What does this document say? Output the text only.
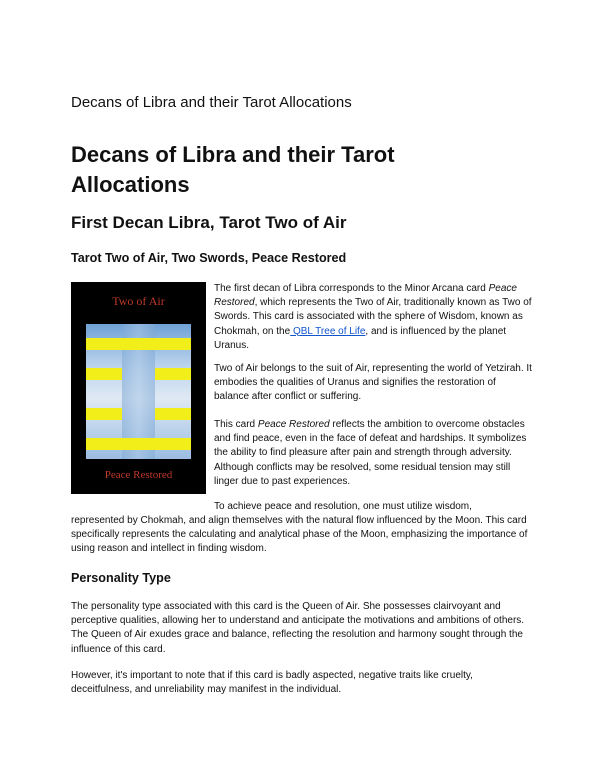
Decans of Libra and their Tarot Allocations
Decans of Libra and their Tarot Allocations
First Decan Libra, Tarot Two of Air
Tarot Two of Air, Two Swords, Peace Restored
Two of Air
Peace Restored

The first decan of Libra corresponds to the Minor Arcana card Peace Restored, which represents the Two of Air, traditionally known as Two of Swords. This card is associated with the sphere of Wisdom, known as Chokmah, on the QBL Tree of Life, and is influenced by the planet Uranus.

Two of Air belongs to the suit of Air, representing the world of Yetzirah. It embodies the qualities of Uranus and signifies the restoration of balance after conflict or suffering.

This card Peace Restored reflects the ambition to overcome obstacles and find peace, even in the face of defeat and hardships. It symbolizes the ability to find pleasure after pain and strength through adversity. Although conflicts may be resolved, some residual tension may still linger due to past experiences.

To achieve peace and resolution, one must utilize wisdom,

represented by Chokmah, and align themselves with the natural flow influenced by the Moon. This card specifically represents the calculating and analytical phase of the Moon, emphasizing the importance of using reason and intellect in finding wisdom.

Personality Type

The personality type associated with this card is the Queen of Air. She possesses clairvoyant and perceptive qualities, allowing her to understand and anticipate the motivations and ambitions of others. The Queen of Air exudes grace and balance, reflecting the resolution and harmony sought through the influence of this card.

However, it's important to note that if this card is badly aspected, negative traits like cruelty, deceitfulness, and unreliability may manifest in the individual.
